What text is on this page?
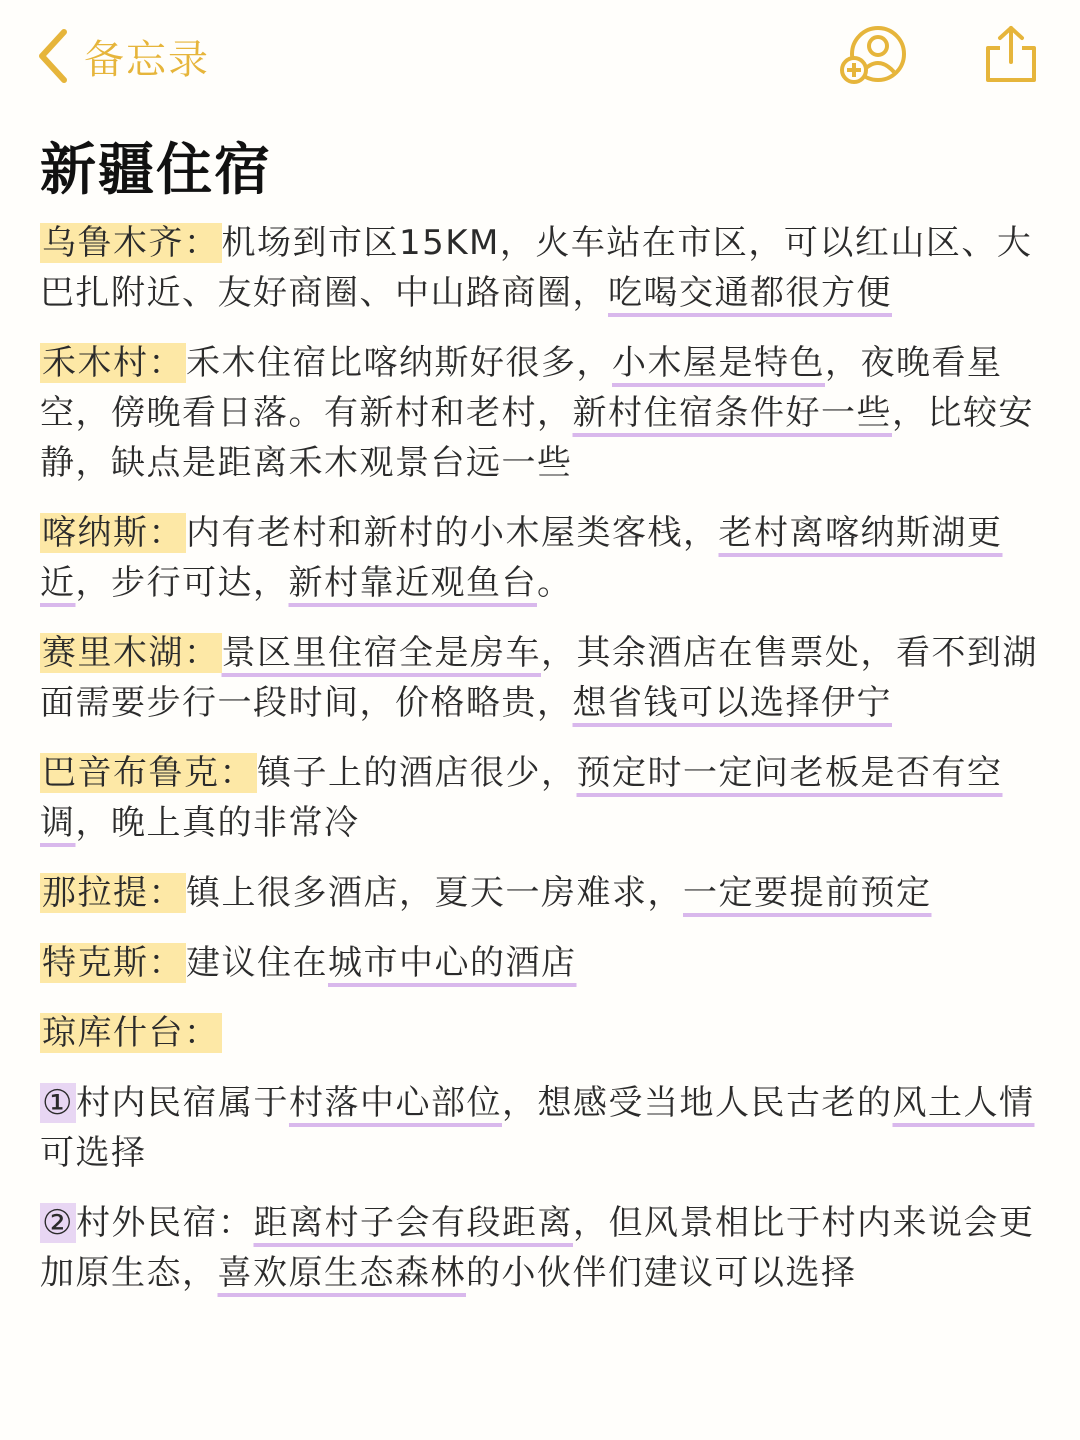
备忘录
新疆住宿

乌鲁木齐：机场到市区15KM，火车站在市区，可以红山区、大巴扎附近、友好商圈、中山路商圈，吃喝交通都很方便

禾木村：禾木住宿比喀纳斯好很多，小木屋是特色，夜晚看星空，傍晚看日落。有新村和老村，新村住宿条件好一些，比较安静，缺点是距离禾木观景台远一些

喀纳斯：内有老村和新村的小木屋类客栈，老村离喀纳斯湖更近，步行可达，新村靠近观鱼台。

赛里木湖：景区里住宿全是房车，其余酒店在售票处，看不到湖面需要步行一段时间，价格略贵，想省钱可以选择伊宁

巴音布鲁克：镇子上的酒店很少，预定时一定问老板是否有空调，晚上真的非常冷

那拉提：镇上很多酒店，夏天一房难求，一定要提前预定

特克斯：建议住在城市中心的酒店

琼库什台：

①村内民宿属于村落中心部位，想感受当地人民古老的风土人情可选择

②村外民宿：距离村子会有段距离，但风景相比于村内来说会更加原生态，喜欢原生态森林的小伙伴们建议可以选择
